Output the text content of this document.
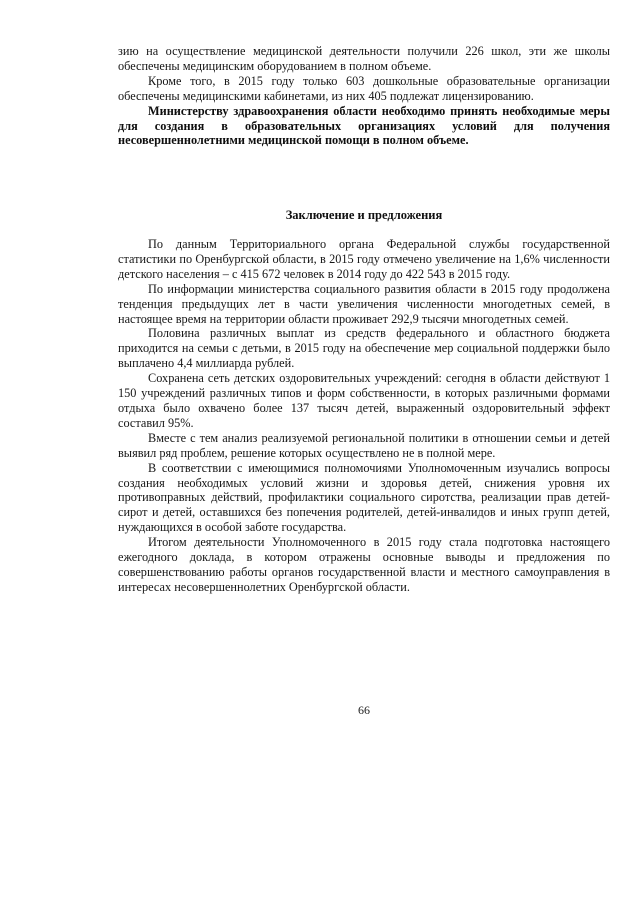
зию на осуществление медицинской деятельности получили 226 школ, эти же школы обеспечены медицинским оборудованием в полном объеме.

Кроме того, в 2015 году только 603 дошкольные образовательные организации обеспечены медицинскими кабинетами, из них 405 подлежат лицензированию.

Министерству здравоохранения области необходимо принять необходимые меры для создания в образовательных организациях условий для получения несовершеннолетними медицинской помощи в полном объеме.

Заключение и предложения

По данным Территориального органа Федеральной службы государственной статистики по Оренбургской области, в 2015 году отмечено увеличение на 1,6% численности детского населения – с 415 672 человек в 2014 году до 422 543 в 2015 году.

По информации министерства социального развития области в 2015 году продолжена тенденция предыдущих лет в части увеличения численности многодетных семей, в настоящее время на территории области проживает 292,9 тысячи многодетных семей.

Половина различных выплат из средств федерального и областного бюджета приходится на семьи с детьми, в 2015 году на обеспечение мер социальной поддержки было выплачено 4,4 миллиарда рублей.

Сохранена сеть детских оздоровительных учреждений: сегодня в области действуют 1 150 учреждений различных типов и форм собственности, в которых различными формами отдыха было охвачено более 137 тысяч детей, выраженный оздоровительный эффект составил 95%.

Вместе с тем анализ реализуемой региональной политики в отношении семьи и детей выявил ряд проблем, решение которых осуществлено не в полной мере.

В соответствии с имеющимися полномочиями Уполномоченным изучались вопросы создания необходимых условий жизни и здоровья детей, снижения уровня их противоправных действий, профилактики социального сиротства, реализации прав детей-сирот и детей, оставшихся без попечения родителей, детей-инвалидов и иных групп детей, нуждающихся в особой заботе государства.

Итогом деятельности Уполномоченного в 2015 году стала подготовка настоящего ежегодного доклада, в котором отражены основные выводы и предложения по совершенствованию работы органов государственной власти и местного самоуправления в интересах несовершеннолетних Оренбургской области.

66
